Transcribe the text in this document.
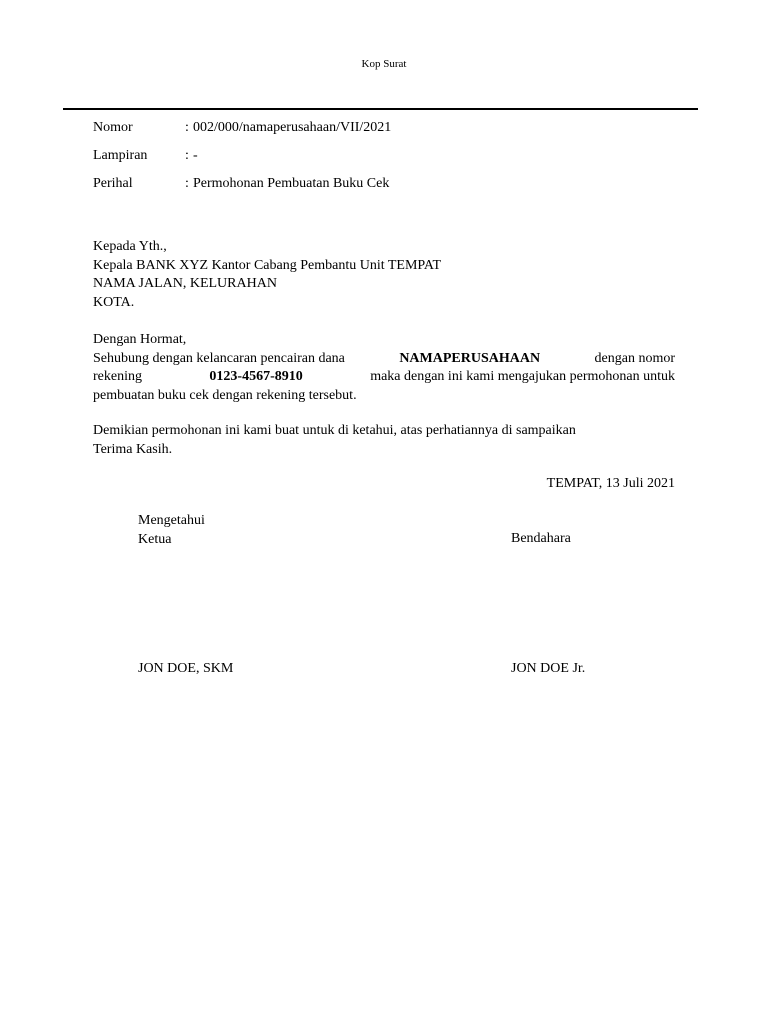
Kop Surat
Nomor	: 002/000/namaperusahaan/VII/2021
Lampiran	: -
Perihal	: Permohonan Pembuatan Buku Cek
Kepada Yth.,
Kepala BANK XYZ Kantor Cabang Pembantu Unit TEMPAT
NAMA JALAN, KELURAHAN
KOTA.
Dengan Hormat,
Sehubung dengan kelancaran pencairan dana	NAMAPERUSAHAAN	dengan nomor
rekening	0123-4567-8910	maka dengan ini kami mengajukan permohonan untuk
pembuatan buku cek dengan rekening tersebut.
Demikian permohonan ini kami buat untuk di ketahui, atas perhatiannya di sampaikan
Terima Kasih.
TEMPAT, 13 Juli 2021
Mengetahui
Ketua	Bendahara
JON DOE, SKM	JON DOE Jr.
